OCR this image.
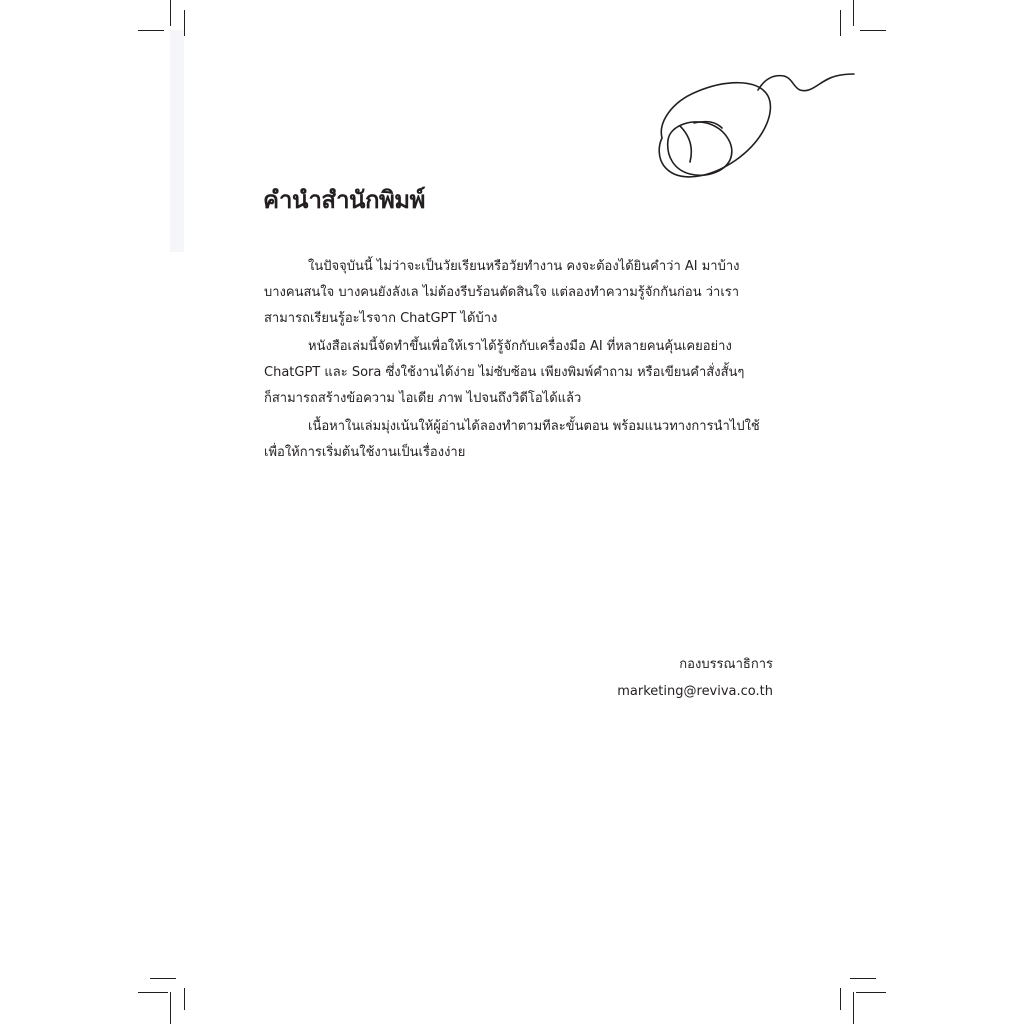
คำนำสำนักพิมพ์

ในปัจจุบันนี้ ไม่ว่าจะเป็นวัยเรียนหรือวัยทำงาน คงจะต้องได้ยินคำว่า AI มาบ้าง
บางคนสนใจ บางคนยังลังเล ไม่ต้องรีบร้อนตัดสินใจ แต่ลองทำความรู้จักกันก่อน ว่าเรา
สามารถเรียนรู้อะไรจาก ChatGPT ได้บ้าง

หนังสือเล่มนี้จัดทำขึ้นเพื่อให้เราได้รู้จักกับเครื่องมือ AI ที่หลายคนคุ้นเคยอย่าง
ChatGPT และ Sora ซึ่งใช้งานได้ง่าย ไม่ซับซ้อน เพียงพิมพ์คำถาม หรือเขียนคำสั่งสั้นๆ
ก็สามารถสร้างข้อความ ไอเดีย ภาพ ไปจนถึงวิดีโอได้แล้ว

เนื้อหาในเล่มมุ่งเน้นให้ผู้อ่านได้ลองทำตามทีละขั้นตอน พร้อมแนวทางการนำไปใช้
เพื่อให้การเริ่มต้นใช้งานเป็นเรื่องง่าย

กองบรรณาธิการ
marketing@reviva.co.th
